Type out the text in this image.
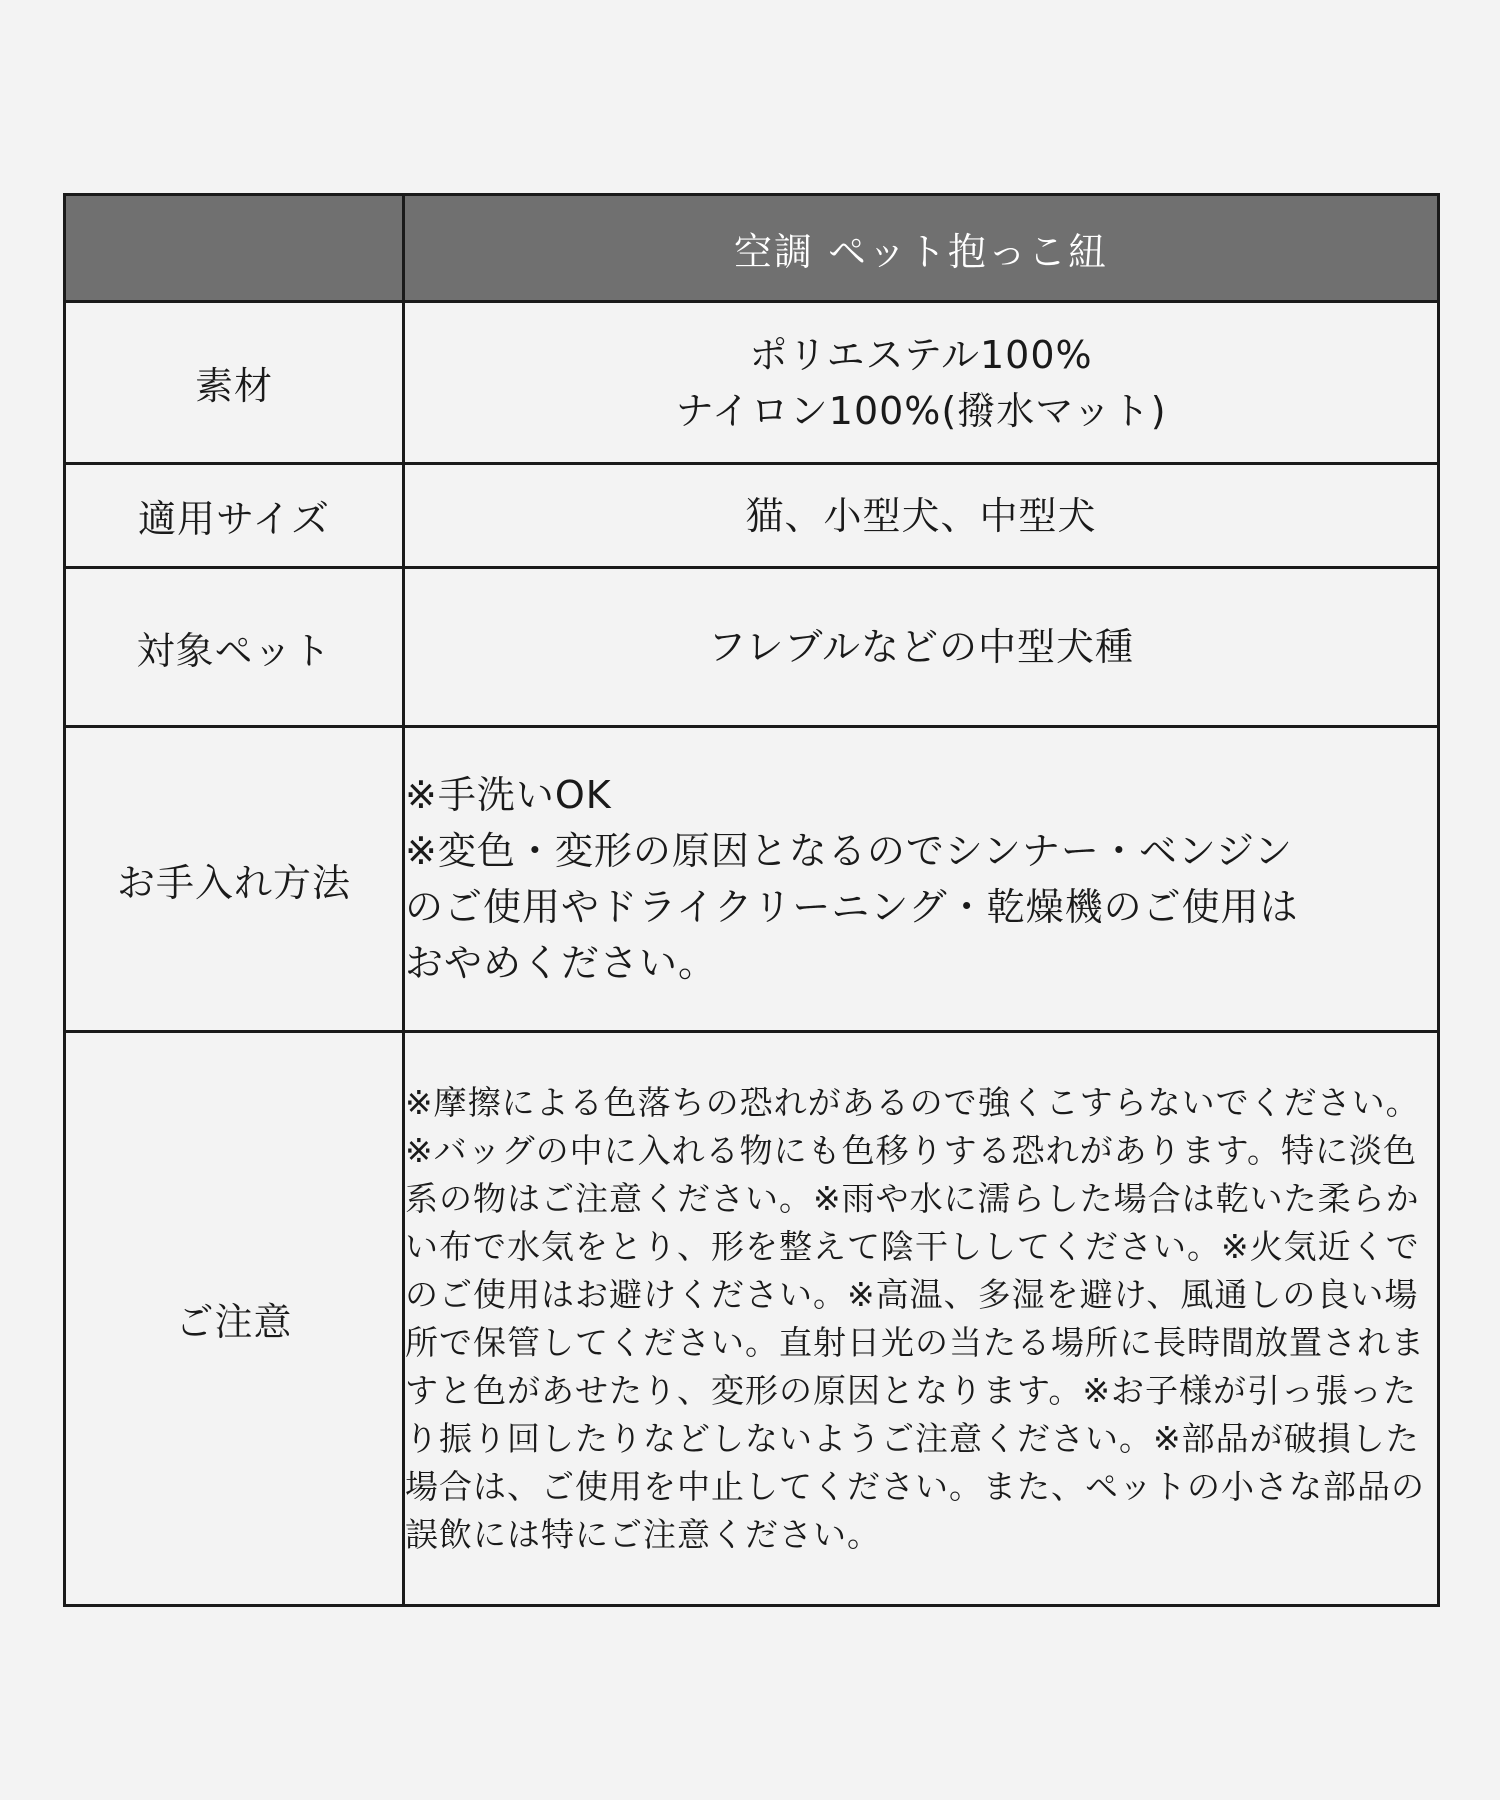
	空調 ペット抱っこ紐
素材	ポリエステル100%
ナイロン100%(撥水マット)

適用サイズ	猫、小型犬、中型犬

対象ペット	フレブルなどの中型犬種

お手入れ方法	※手洗いOK
※変色・変形の原因となるのでシンナー・ベンジン
のご使用やドライクリーニング・乾燥機のご使用は
おやめください。

ご注意	※摩擦による色落ちの恐れがあるので強くこすらないでください。※バッグの中に入れる物にも色移りする恐れがあります。特に淡色系の物はご注意ください。※雨や水に濡らした場合は乾いた柔らかい布で水気をとり、形を整えて陰干ししてください。※火気近くでのご使用はお避けください。※高温、多湿を避け、風通しの良い場所で保管してください。直射日光の当たる場所に長時間放置されますと色があせたり、変形の原因となります。※お子様が引っ張ったり振り回したりなどしないようご注意ください。※部品が破損した場合は、ご使用を中止してください。また、ペットの小さな部品の誤飲には特にご注意ください。
